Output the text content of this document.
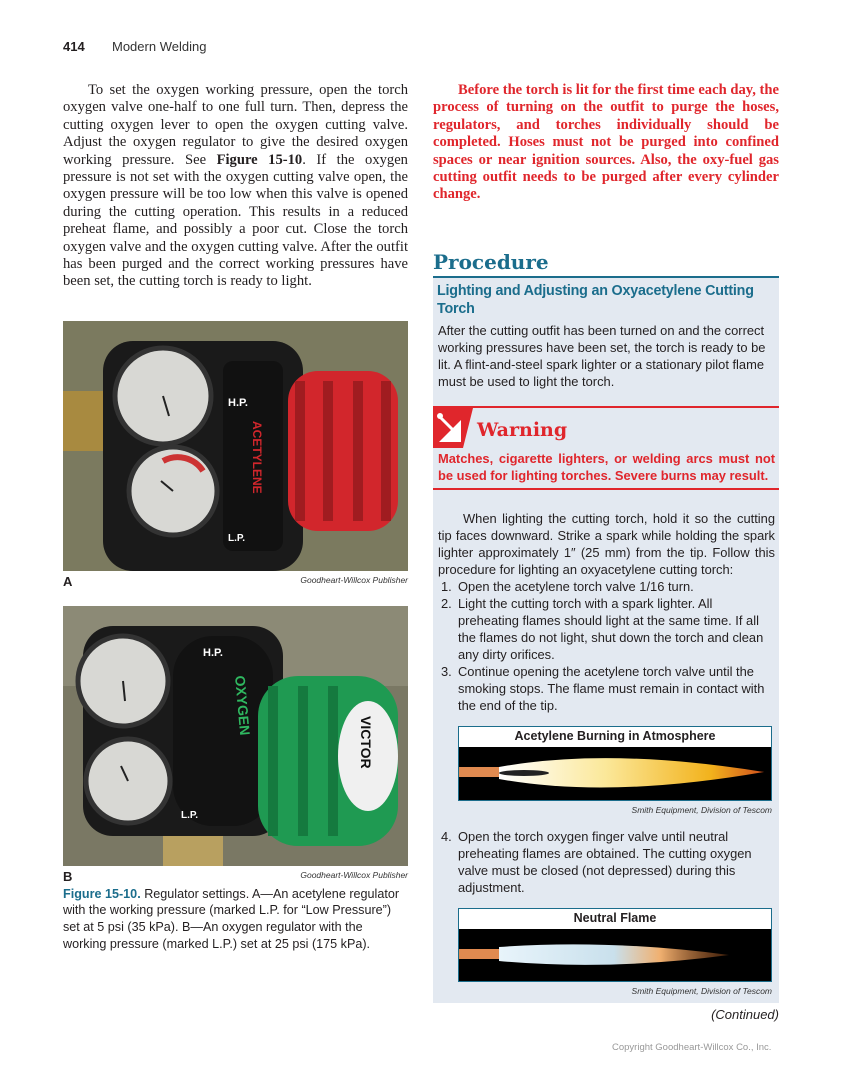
414 Modern Welding
To set the oxygen working pressure, open the torch oxygen valve one-half to one full turn. Then, depress the cutting oxygen lever to open the oxygen cutting valve. Adjust the oxygen regulator to give the desired oxygen working pressure. See Figure 15-10. If the oxygen pressure is not set with the oxygen cutting valve open, the oxygen pressure will be too low when this valve is opened during the cutting operation. This results in a reduced preheat flame, and possibly a poor cut. Close the torch oxygen valve and the oxygen cutting valve. After the outfit has been purged and the correct working pressures have been set, the cutting torch is ready to light.
H.P.
L.P.
ACETYLENE
A	Goodheart-Willcox Publisher
VICTOR
H.P.
L.P.
OXYGEN
B	Goodheart-Willcox Publisher
Figure 15-10. Regulator settings. A—An acetylene regulator with the working pressure (marked L.P. for “Low Pressure”) set at 5 psi (35 kPa). B—An oxygen regulator with the working pressure (marked L.P.) set at 25 psi (175 kPa).
Before the torch is lit for the first time each day, the process of turning on the outfit to purge the hoses, regulators, and torches individually should be completed. Hoses must not be purged into confined spaces or near ignition sources. Also, the oxy-fuel gas cutting outfit needs to be purged after every cylinder change.
Procedure
Lighting and Adjusting an Oxyacetylene Cutting Torch
After the cutting outfit has been turned on and the correct working pressures have been set, the torch is ready to be lit. A flint-and-steel spark lighter or a stationary pilot flame must be used to light the torch.
Warning
Matches, cigarette lighters, or welding arcs must not be used for lighting torches. Severe burns may result.
When lighting the cutting torch, hold it so the cutting tip faces downward. Strike a spark while holding the spark lighter approximately 1″ (25 mm) from the tip. Follow this procedure for lighting an oxyacetylene cutting torch:
1. Open the acetylene torch valve 1/16 turn.
2. Light the cutting torch with a spark lighter. All preheating flames should light at the same time. If all the flames do not light, shut down the torch and clean any dirty orifices.
3. Continue opening the acetylene torch valve until the smoking stops. The flame must remain in contact with the end of the tip.
Acetylene Burning in Atmosphere
Smith Equipment, Division of Tescom
4. Open the torch oxygen finger valve until neutral preheating flames are obtained. The cutting oxygen valve must be closed (not depressed) during this adjustment.
Neutral Flame
Smith Equipment, Division of Tescom
(Continued)
Copyright Goodheart-Willcox Co., Inc.
